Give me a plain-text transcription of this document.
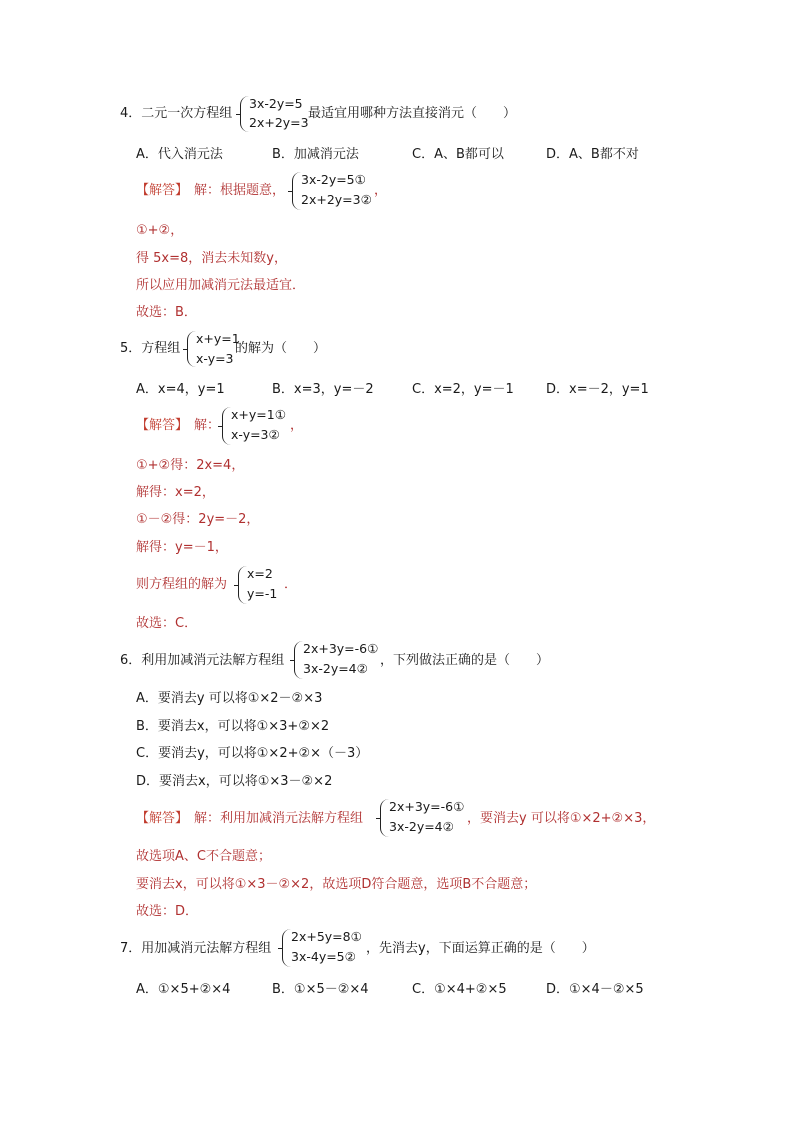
4．二元一次方程组
3x-2y=5
2x+2y=3
最适宜用哪种方法直接消元（　　）
A．代入消元法	B．加减消元法	C．A、B都可以	D．A、B都不对
【解答】 解：根据题意，
3x-2y=5①
2x+2y=3②
，
①+②，
得 5x=8，消去未知数y，
所以应用加减消元法最适宜．
故选：B．
5．方程组
x+y=1
x-y=3
的解为（　　）
A．x=4，y=1	B．x=3，y=－2	C．x=2，y=－1 D．x=－2，y=1
【解答】 解：
x+y=1①
x-y=3②
，
①+②得：2x=4，
解得：x=2，
①－②得：2y=－2，
解得：y=－1，
则方程组的解为
x=2
y=-1
．
故选：C．
6．利用加减消元法解方程组
2x+3y=-6①
3x-2y=4②
，下列做法正确的是（　　）
A．要消去y 可以将①×2－②×3
B．要消去x，可以将①×3+②×2
C．要消去y，可以将①×2+②×（－3）
D．要消去x，可以将①×3－②×2
【解答】 解：利用加减消元法解方程组
2x+3y=-6①
3x-2y=4②
，要消去y 可以将①×2+②×3，
故选项A、C不合题意；
要消去x，可以将①×3－②×2，故选项D符合题意，选项B不合题意；
故选：D．
7．用加减消元法解方程组
2x+5y=8①
3x-4y=5②
，先消去y，下面运算正确的是（　　）
A．①×5+②×4	B．①×5－②×4	C．①×4+②×5	D．①×4－②×5
